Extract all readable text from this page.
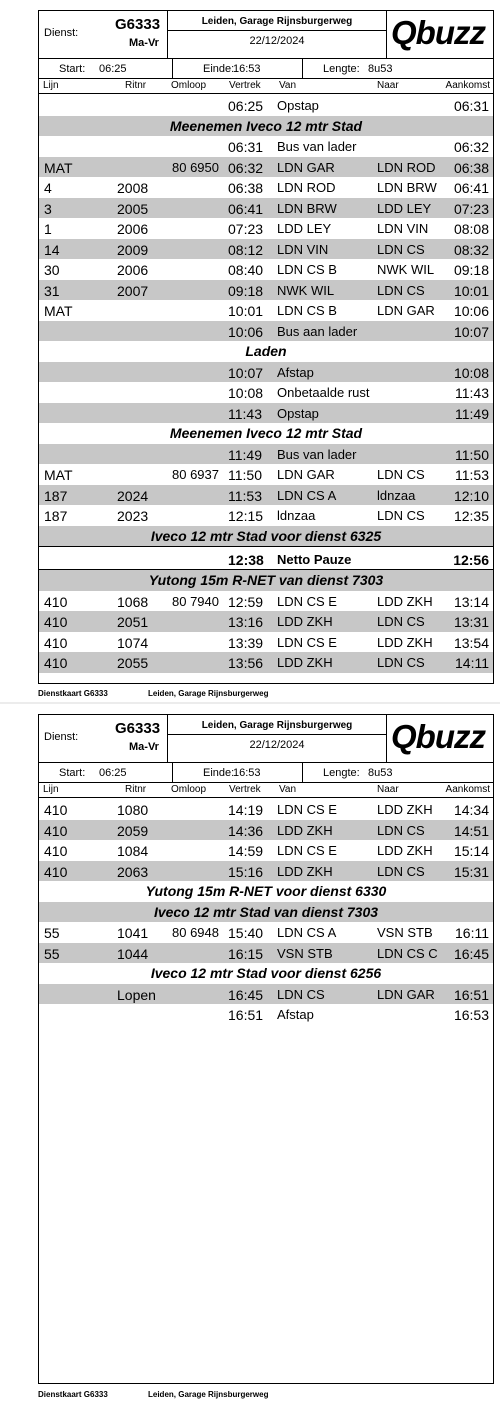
Dienst: G6333
Ma-Vr
Leiden, Garage Rijnsburgerweg
22/12/2024	Qbuzz
Start: 06:25	Einde:
16:53	Lengte: 8u53
Lijn	Ritnr Omloop Vertrek Van	Naar	Aankomst
06:25 Opstap	06:31
Meenemen Iveco 12 mtr Stad
06:31 Bus van lader	06:32
MAT	80 6950 06:32 LDN GAR	LDN ROD 06:38
4	2008	06:38 LDN ROD	LDN BRW 06:41
3	2005	06:41 LDN BRW	LDD LEY 07:23
1	2006	07:23 LDD LEY	LDN VIN 08:08
14	2009	08:12 LDN VIN	LDN CS 08:32
30	2006	08:40 LDN CS B	NWK WIL 09:18
31	2007	09:18 NWK WIL	LDN CS 10:01
MAT	10:01 LDN CS B	LDN GAR 10:06
10:06 Bus aan lader	10:07
Laden
10:07 Afstap	10:08
10:08 Onbetaalde rust	11:43
11:43 Opstap	11:49
Meenemen Iveco 12 mtr Stad
11:49 Bus van lader	11:50
MAT	80 6937 11:50 LDN GAR	LDN CS 11:53
187	2024	11:53 LDN CS A	ldnzaa	12:10
187	2023	12:15 ldnzaa	LDN CS 12:35
Iveco 12 mtr Stad voor dienst 6325
12:38 Netto Pauze	12:56
Yutong 15m R-NET van dienst 7303
410	1068 80 7940 12:59 LDN CS E	LDD ZKH 13:14
410	2051	13:16 LDD ZKH	LDN CS 13:31
410	1074	13:39 LDN CS E	LDD ZKH 13:54
410	2055	13:56 LDD ZKH	LDN CS 14:11
Dienstkaart G6333	Leiden, Garage Rijnsburgerweg
Dienst: G6333
Ma-Vr
Leiden, Garage Rijnsburgerweg
22/12/2024	Qbuzz
Start: 06:25	Einde:
16:53	Lengte: 8u53
Lijn	Ritnr Omloop Vertrek Van	Naar	Aankomst
410	1080	14:19 LDN CS E	LDD ZKH 14:34
410	2059	14:36 LDD ZKH	LDN CS 14:51
410	1084	14:59 LDN CS E	LDD ZKH 15:14
410	2063	15:16 LDD ZKH	LDN CS 15:31
Yutong 15m R-NET voor dienst 6330
Iveco 12 mtr Stad van dienst 7303
55	1041 80 6948 15:40 LDN CS A	VSN STB 16:11
55	1044	16:15 VSN STB	LDN CS C 16:45
Iveco 12 mtr Stad voor dienst 6256
Lopen	16:45 LDN CS	LDN GAR 16:51
16:51 Afstap	16:53
Dienstkaart G6333	Leiden, Garage Rijnsburgerweg
